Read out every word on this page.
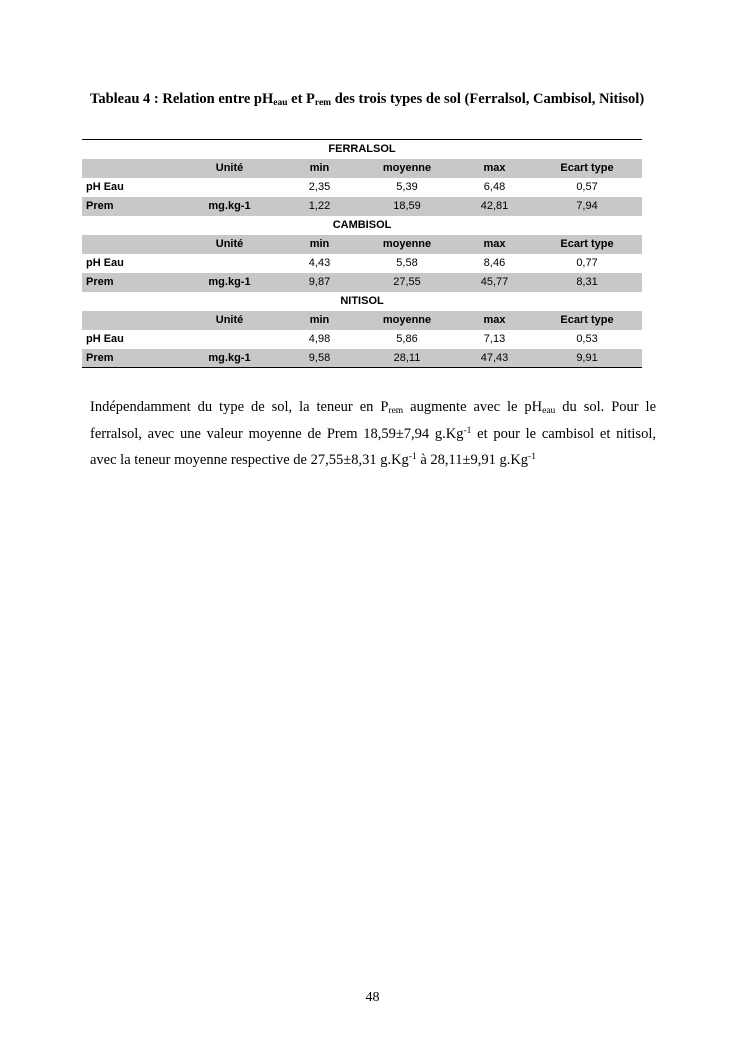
Tableau 4 : Relation entre $pH_{eau}$ et $P_{rem}$ des trois types de sol (Ferralsol, Cambisol, Nitisol)
FERRALSOL					
	Unité	min	moyenne	max	Ecart type
pH Eau		2,35	5,39	6,48	0,57
Prem	mg.kg-1	1,22	18,59	42,81	7,94
CAMBISOL					
	Unité	min	moyenne	max	Ecart type
pH Eau		4,43	5,58	8,46	0,77
Prem	mg.kg-1	9,87	27,55	45,77	8,31
NITISOL					
	Unité	min	moyenne	max	Ecart type
pH Eau		4,98	5,86	7,13	0,53
Prem	mg.kg-1	9,58	28,11	47,43	9,91
Indépendamment du type de sol, la teneur en $P_{rem}$ augmente avec le $pH_{eau}$ du sol. Pour le ferralsol, avec une valeur moyenne de Prem 18,59±7,94 $g.Kg^{-1}$ et pour le cambisol et nitisol, avec la teneur moyenne respective de 27,55±8,31 $g.Kg^{-1}$ à 28,11±9,91 $g.Kg^{-1}$
48
